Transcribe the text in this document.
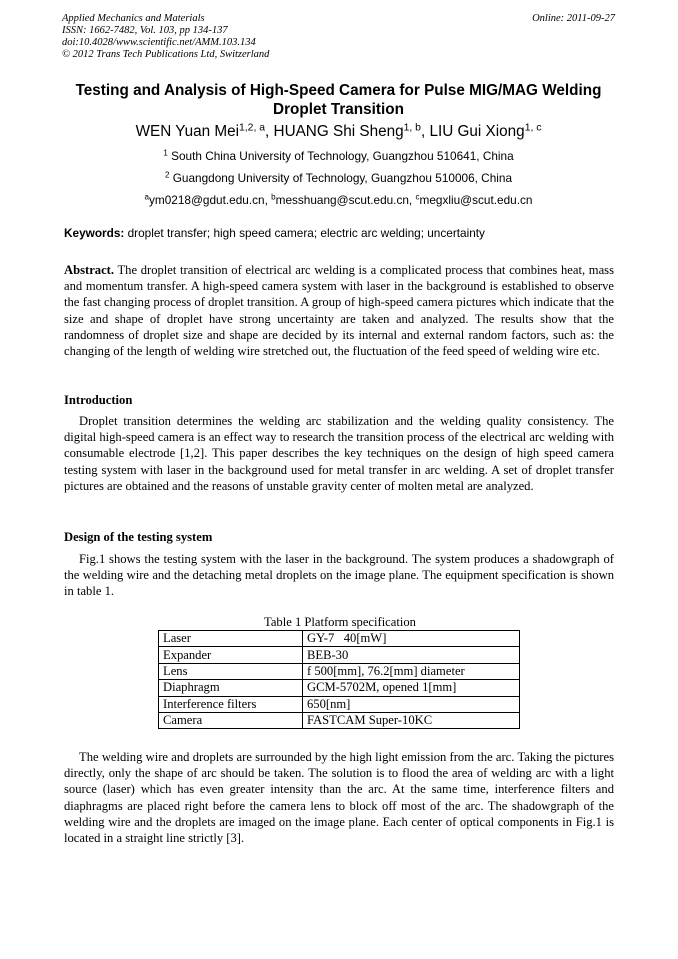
Applied Mechanics and Materials
ISSN: 1662-7482, Vol. 103, pp 134-137
doi:10.4028/www.scientific.net/AMM.103.134
© 2012 Trans Tech Publications Ltd, Switzerland
Online: 2011-09-27
Testing and Analysis of High-Speed Camera for Pulse MIG/MAG Welding Droplet Transition
WEN Yuan Mei$^{1,2, a}$, HUANG Shi Sheng$^{1, b}$, LIU Gui Xiong$^{1, c}$
$^1$ South China University of Technology, Guangzhou 510641, China
$^2$ Guangdong University of Technology, Guangzhou 510006, China
$^a$ym0218@gdut.edu.cn, $^b$messhuang@scut.edu.cn, $^c$megxliu@scut.edu.cn
Keywords: droplet transfer; high speed camera; electric arc welding; uncertainty

Abstract. The droplet transition of electrical arc welding is a complicated process that combines heat, mass and momentum transfer. A high-speed camera system with laser in the background is established to observe the fast changing process of droplet transition. A group of high-speed camera pictures which indicate that the size and shape of droplet have strong uncertainty are taken and analyzed. The results show that the randomness of droplet size and shape are decided by its internal and external random factors, such as: the changing of the length of welding wire stretched out, the fluctuation of the feed speed of welding wire etc.

Introduction

Droplet transition determines the welding arc stabilization and the welding quality consistency. The digital high-speed camera is an effect way to research the transition process of the electrical arc welding with consumable electrode [1,2]. This paper describes the key techniques on the design of high speed camera testing system with laser in the background used for metal transfer in arc welding. A set of droplet transfer pictures are obtained and the reasons of unstable gravity center of molten metal are analyzed.

Design of the testing system

Fig.1 shows the testing system with the laser in the background. The system produces a shadowgraph of the welding wire and the detaching metal droplets on the image plane. The equipment specification is shown in table 1.

Table 1 Platform specification
Laser	GY-7   40[mW]
Expander	BEB-30
Lens	f 500[mm], 76.2[mm] diameter
Diaphragm	GCM-5702M, opened 1[mm]
Interference filters	650[nm]
Camera	FASTCAM Super-10KC

The welding wire and droplets are surrounded by the high light emission from the arc. Taking the pictures directly, only the shape of arc should be taken. The solution is to flood the area of welding arc with a light source (laser) which has even greater intensity than the arc. At the same time, interference filters and diaphragms are placed right before the camera lens to block off most of the arc. The shadowgraph of the welding wire and the droplets are imaged on the image plane. Each center of optical components in Fig.1 is located in a straight line strictly [3].
